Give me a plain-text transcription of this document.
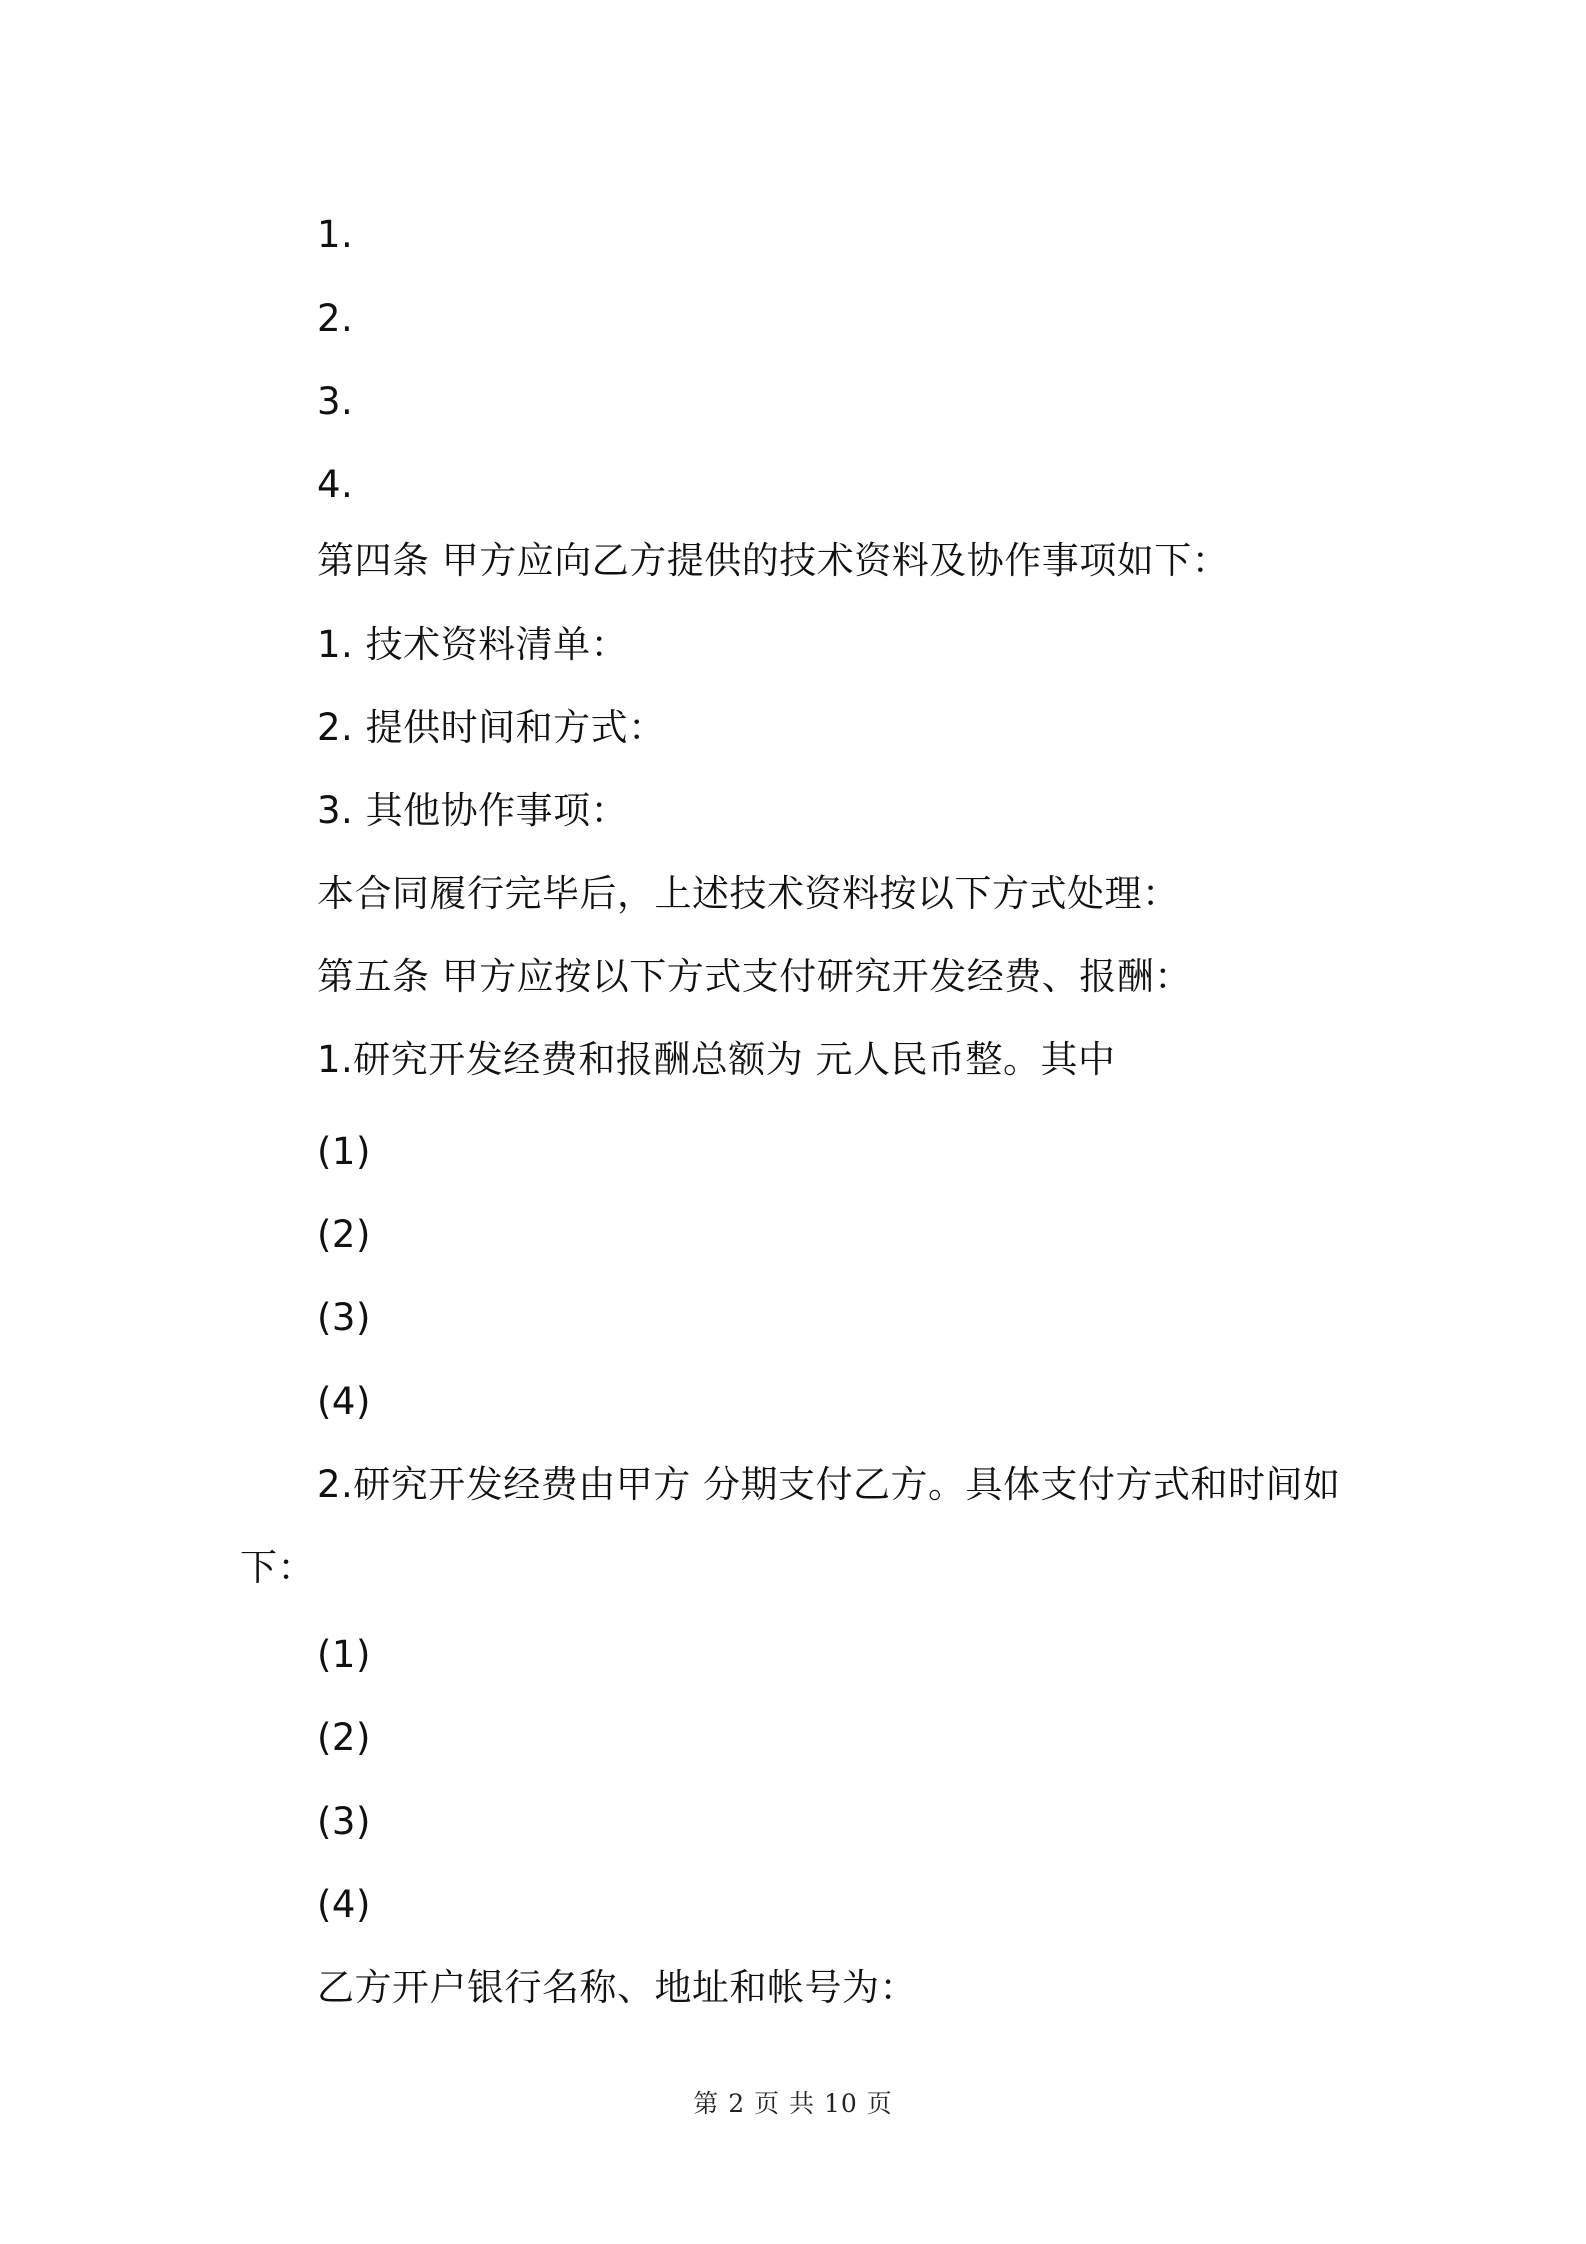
1.
2.
3.
4.
第四条 甲方应向乙方提供的技术资料及协作事项如下：
1. 技术资料清单：
2. 提供时间和方式：
3. 其他协作事项：
本合同履行完毕后，上述技术资料按以下方式处理：
第五条 甲方应按以下方式支付研究开发经费、报酬：
1.研究开发经费和报酬总额为 元人民币整。其中
(1)
(2)
(3)
(4)
2.研究开发经费由甲方 分期支付乙方。具体支付方式和时间如
下：
(1)
(2)
(3)
(4)
乙方开户银行名称、地址和帐号为：
第 2 页 共 10 页
